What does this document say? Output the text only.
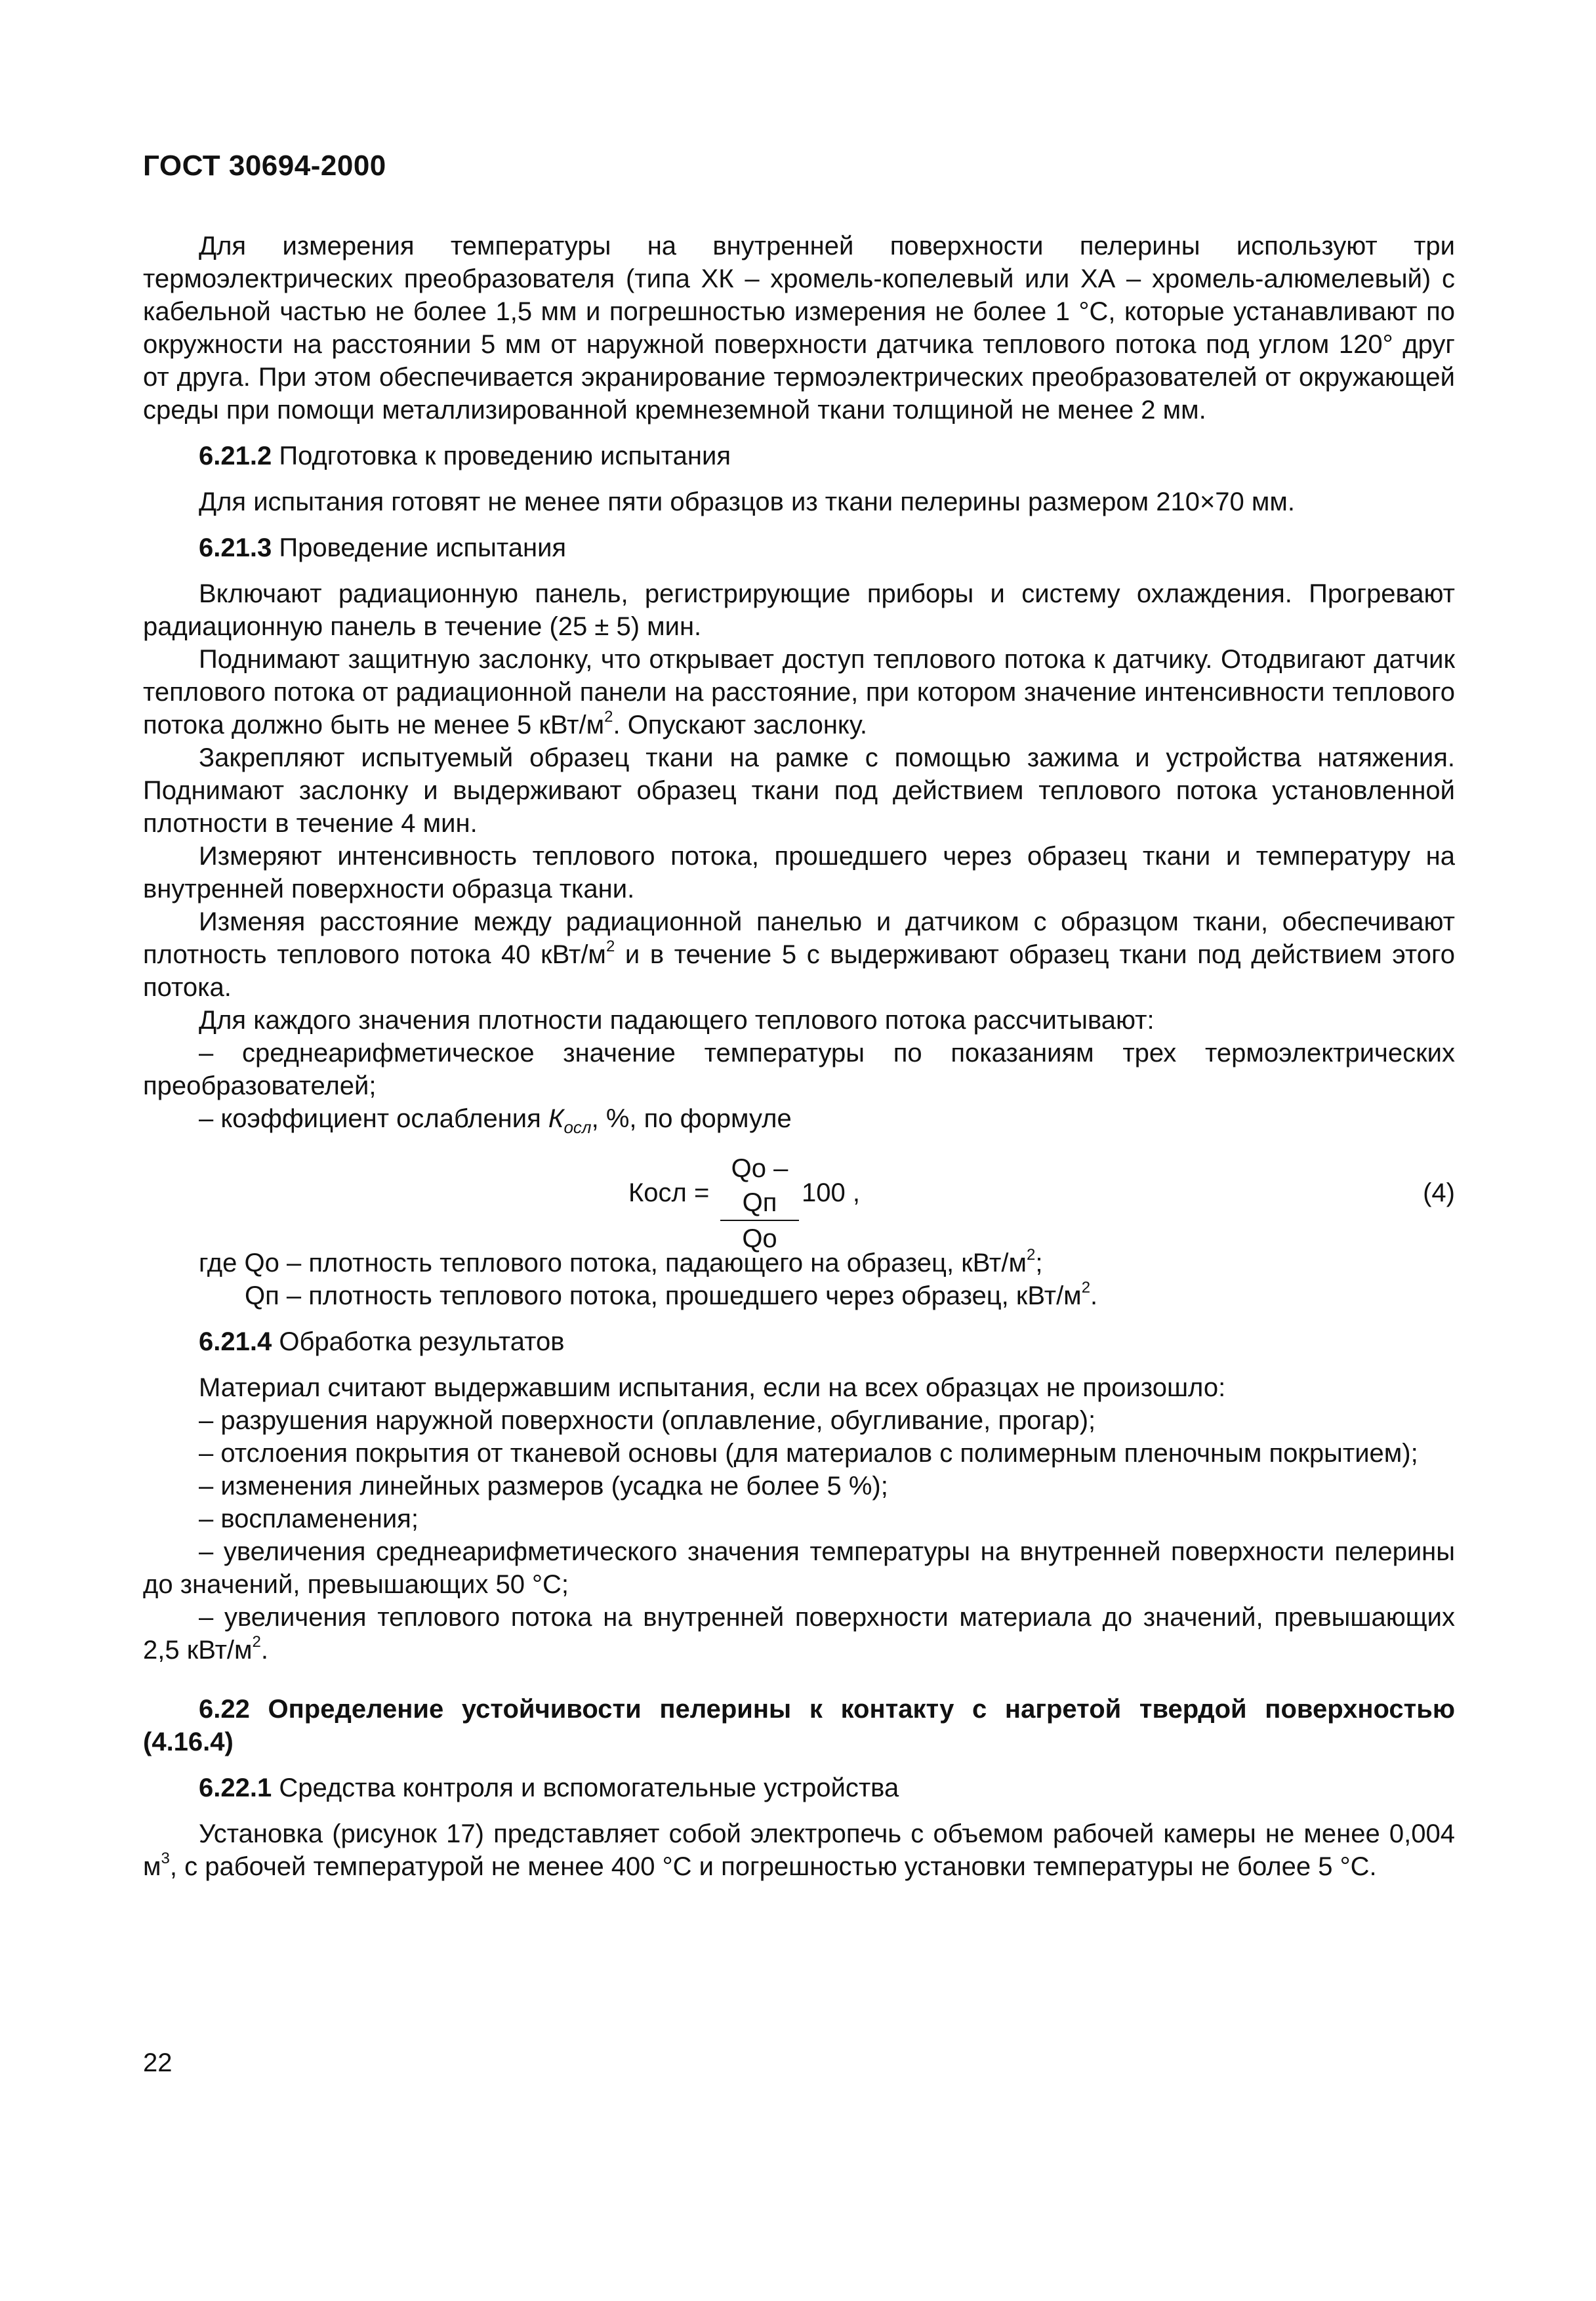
ГОСТ 30694-2000

Для измерения температуры на внутренней поверхности пелерины используют три термоэлектрических преобразователя (типа ХК – хромель-копелевый или ХА – хромель-алюмелевый) с кабельной частью не более 1,5 мм и погрешностью измерения не более 1 °С, которые устанавливают по окружности на расстоянии 5 мм от наружной поверхности датчика теплового потока под углом 120° друг от друга. При этом обеспечивается экранирование термоэлектрических преобразователей от окружающей среды при помощи металлизированной кремнеземной ткани толщиной не менее 2 мм.

6.21.2 Подготовка к проведению испытания

Для испытания готовят не менее пяти образцов из ткани пелерины размером 210×70 мм.

6.21.3 Проведение испытания

Включают радиационную панель, регистрирующие приборы и систему охлаждения. Прогревают радиационную панель в течение (25 ± 5) мин.

Поднимают защитную заслонку, что открывает доступ теплового потока к датчику. Отодвигают датчик теплового потока от радиационной панели на расстояние, при котором значение интенсивности теплового потока должно быть не менее 5 кВт/$м^2$. Опускают заслонку.

Закрепляют испытуемый образец ткани на рамке с помощью зажима и устройства натяжения. Поднимают заслонку и выдерживают образец ткани под действием теплового потока установленной плотности в течение 4 мин.

Измеряют интенсивность теплового потока, прошедшего через образец ткани и температуру на внутренней поверхности образца ткани.

Изменяя расстояние между радиационной панелью и датчиком с образцом ткани, обеспечивают плотность теплового потока 40 кВт/$м^2$ и в течение 5 с выдерживают образец ткани под действием этого потока.

Для каждого значения плотности падающего теплового потока рассчитывают:

– среднеарифметическое значение температуры по показаниям трех термоэлектрических преобразователей;

– коэффициент ослабления $К_{осл}$, %, по формуле

Косл =
Qо – Qп
Qо
100 ,	(4)

где Qо – плотность теплового потока, падающего на образец, кВт/$м^2$;

Qп – плотность теплового потока, прошедшего через образец, кВт/$м^2$.

6.21.4 Обработка результатов

Материал считают выдержавшим испытания, если на всех образцах не произошло:

– разрушения наружной поверхности (оплавление, обугливание, прогар);

– отслоения покрытия от тканевой основы (для материалов с полимерным пленочным покрытием);

– изменения линейных размеров (усадка не более 5 %);

– воспламенения;

– увеличения среднеарифметического значения температуры на внутренней поверхности пелерины до значений, превышающих 50 °С;

– увеличения теплового потока на внутренней поверхности материала до значений, превышающих 2,5 кВт/$м^2$.

6.22 Определение устойчивости пелерины к контакту с нагретой твердой поверхностью (4.16.4)

6.22.1 Средства контроля и вспомогательные устройства

Установка (рисунок 17) представляет собой электропечь с объемом рабочей камеры не менее 0,004 $м^3$, с рабочей температурой не менее 400 °С и погрешностью установки температуры не более 5 °С.

22
